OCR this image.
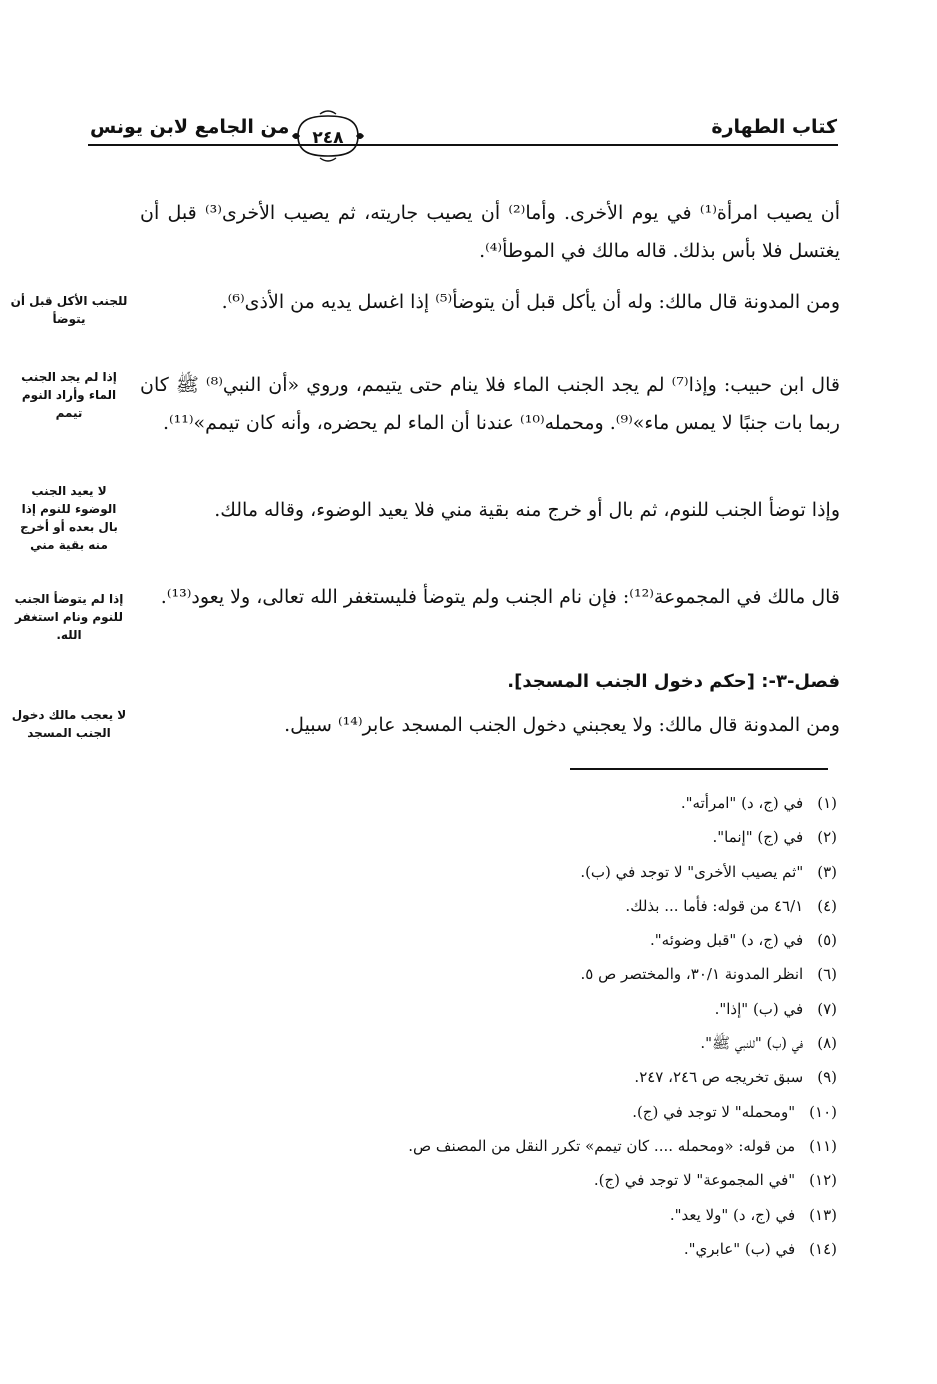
كتاب الطهارة
٢٤٨
من الجامع لابن يونس
أن يصيب امرأة⁽¹⁾ في يوم الأخرى. وأما⁽²⁾ أن يصيب جاريته، ثم يصيب الأخرى⁽³⁾ قبل أن يغتسل فلا بأس بذلك. قاله مالك في الموطأ⁽⁴⁾.
ومن المدونة قال مالك: وله أن يأكل قبل أن يتوضأ⁽⁵⁾ إذا اغسل يديه من الأذى⁽⁶⁾.
قال ابن حبيب: وإذا⁽⁷⁾ لم يجد الجنب الماء فلا ينام حتى يتيمم، وروي «أن النبي⁽⁸⁾ ﷺ كان ربما بات جنبًا لا يمس ماء»⁽⁹⁾. ومحمله⁽¹⁰⁾ عندنا أن الماء لم يحضره، وأنه كان تيمم»⁽¹¹⁾.
وإذا توضأ الجنب للنوم، ثم بال أو خرج منه بقية مني فلا يعيد الوضوء، وقاله مالك.
قال مالك في المجموعة⁽¹²⁾: فإن نام الجنب ولم يتوضأ فليستغفر الله تعالى، ولا يعود⁽¹³⁾.
فصل-٣-: [حكم دخول الجنب المسجد].
ومن المدونة قال مالك: ولا يعجبني دخول الجنب المسجد عابر⁽¹⁴⁾ سبيل.
للجنب الأكل قبل أن يتوضأ
إذا لم يجد الجنب الماء وأراد النوم تيمم
لا يعيد الجنب الوضوء للنوم إذا بال بعده أو أخرج منه بقية مني
إذا لم يتوضأ الجنب للنوم ونام استغفر الله.
لا يعجب مالك دخول الجنب المسجد
(١)في (ج، د) "امرأته".
(٢)في (ج) "إنما".
(٣)"ثم يصيب الأخرى" لا توجد في (ب).
(٤)٤٦/١ من قوله: فأما ... بذلك.
(٥)في (ج، د) "قبل وضوئه".
(٦)انظر المدونة ٣٠/١، والمختصر ص ٥.
(٧)في (ب) "إذا".
(٨)في (ب) "للنبي ﷺ".
(٩)سبق تخريجه ص ٢٤٦، ٢٤٧.
(١٠)"ومحمله" لا توجد في (ج).
(١١)من قوله: «ومحمله .... كان تيمم» تكرر النقل من المصنف ص.
(١٢)"في المجموعة" لا توجد في (ج).
(١٣)في (ج، د) "ولا يعد".
(١٤)في (ب) "عابري".
